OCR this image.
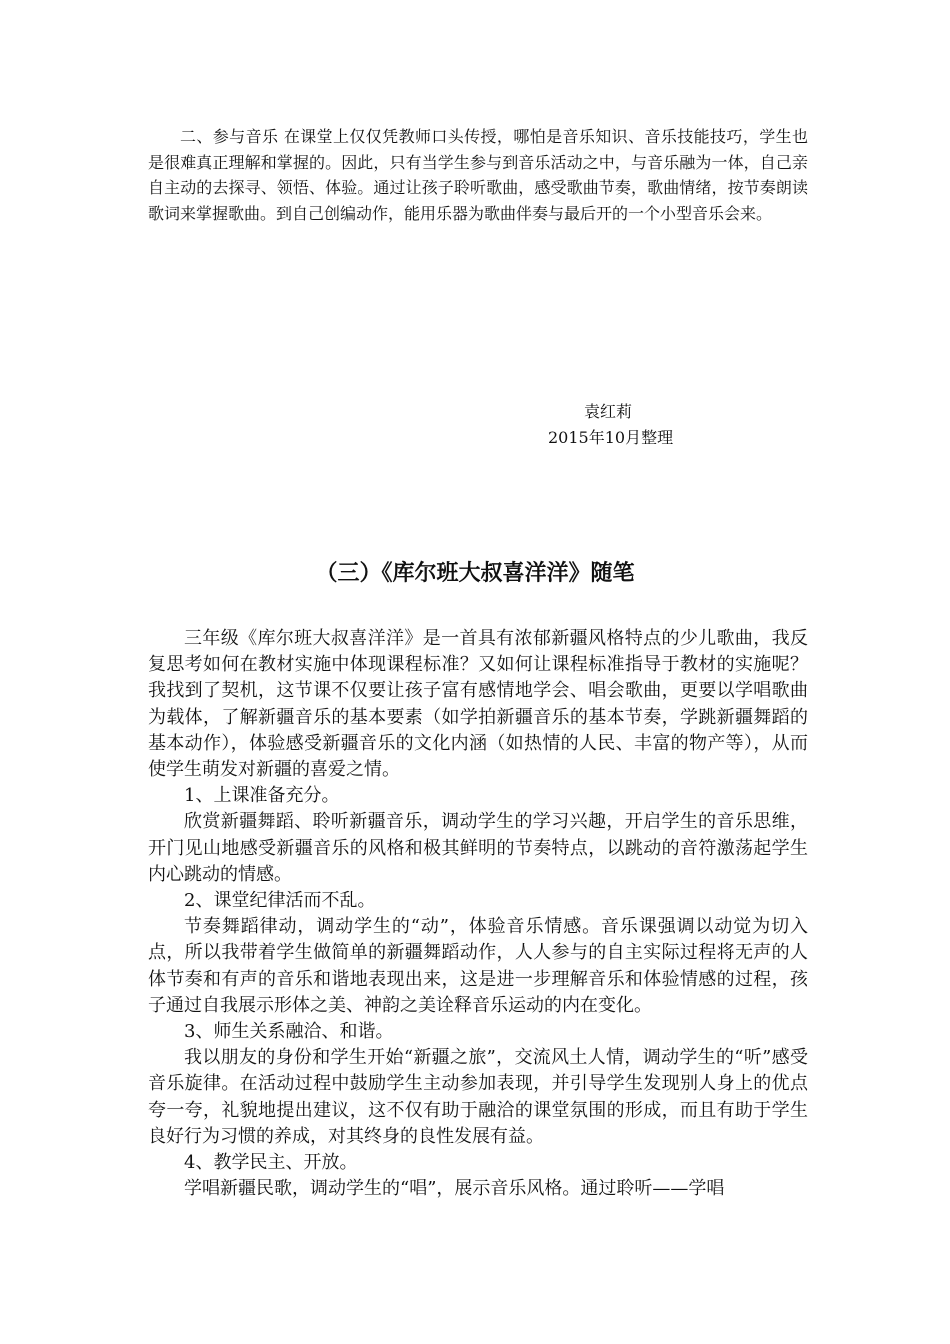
二、参与音乐 在课堂上仅仅凭教师口头传授，哪怕是音乐知识、音乐技能技巧，学生也是很难真正理解和掌握的。因此，只有当学生参与到音乐活动之中，与音乐融为一体，自己亲自主动的去探寻、领悟、体验。通过让孩子聆听歌曲，感受歌曲节奏，歌曲情绪，按节奏朗读歌词来掌握歌曲。到自己创编动作，能用乐器为歌曲伴奏与最后开的一个小型音乐会来。

袁红莉
2015年10月整理
（三）《库尔班大叔喜洋洋》随笔

三年级《库尔班大叔喜洋洋》是一首具有浓郁新疆风格特点的少儿歌曲，我反复思考如何在教材实施中体现课程标准？又如何让课程标准指导于教材的实施呢？我找到了契机，这节课不仅要让孩子富有感情地学会、唱会歌曲，更要以学唱歌曲为载体，了解新疆音乐的基本要素（如学拍新疆音乐的基本节奏，学跳新疆舞蹈的基本动作），体验感受新疆音乐的文化内涵（如热情的人民、丰富的物产等），从而使学生萌发对新疆的喜爱之情。

1、上课准备充分。

欣赏新疆舞蹈、聆听新疆音乐，调动学生的学习兴趣，开启学生的音乐思维，开门见山地感受新疆音乐的风格和极其鲜明的节奏特点，以跳动的音符激荡起学生内心跳动的情感。

2、课堂纪律活而不乱。

节奏舞蹈律动，调动学生的“动”，体验音乐情感。音乐课强调以动觉为切入点，所以我带着学生做简单的新疆舞蹈动作，人人参与的自主实际过程将无声的人体节奏和有声的音乐和谐地表现出来，这是进一步理解音乐和体验情感的过程，孩子通过自我展示形体之美、神韵之美诠释音乐运动的内在变化。

3、师生关系融洽、和谐。

我以朋友的身份和学生开始“新疆之旅”，交流风土人情，调动学生的“听”感受音乐旋律。在活动过程中鼓励学生主动参加表现，并引导学生发现别人身上的优点夸一夸，礼貌地提出建议，这不仅有助于融洽的课堂氛围的形成，而且有助于学生良好行为习惯的养成，对其终身的良性发展有益。

4、教学民主、开放。

学唱新疆民歌，调动学生的“唱”，展示音乐风格。通过聆听——学唱
